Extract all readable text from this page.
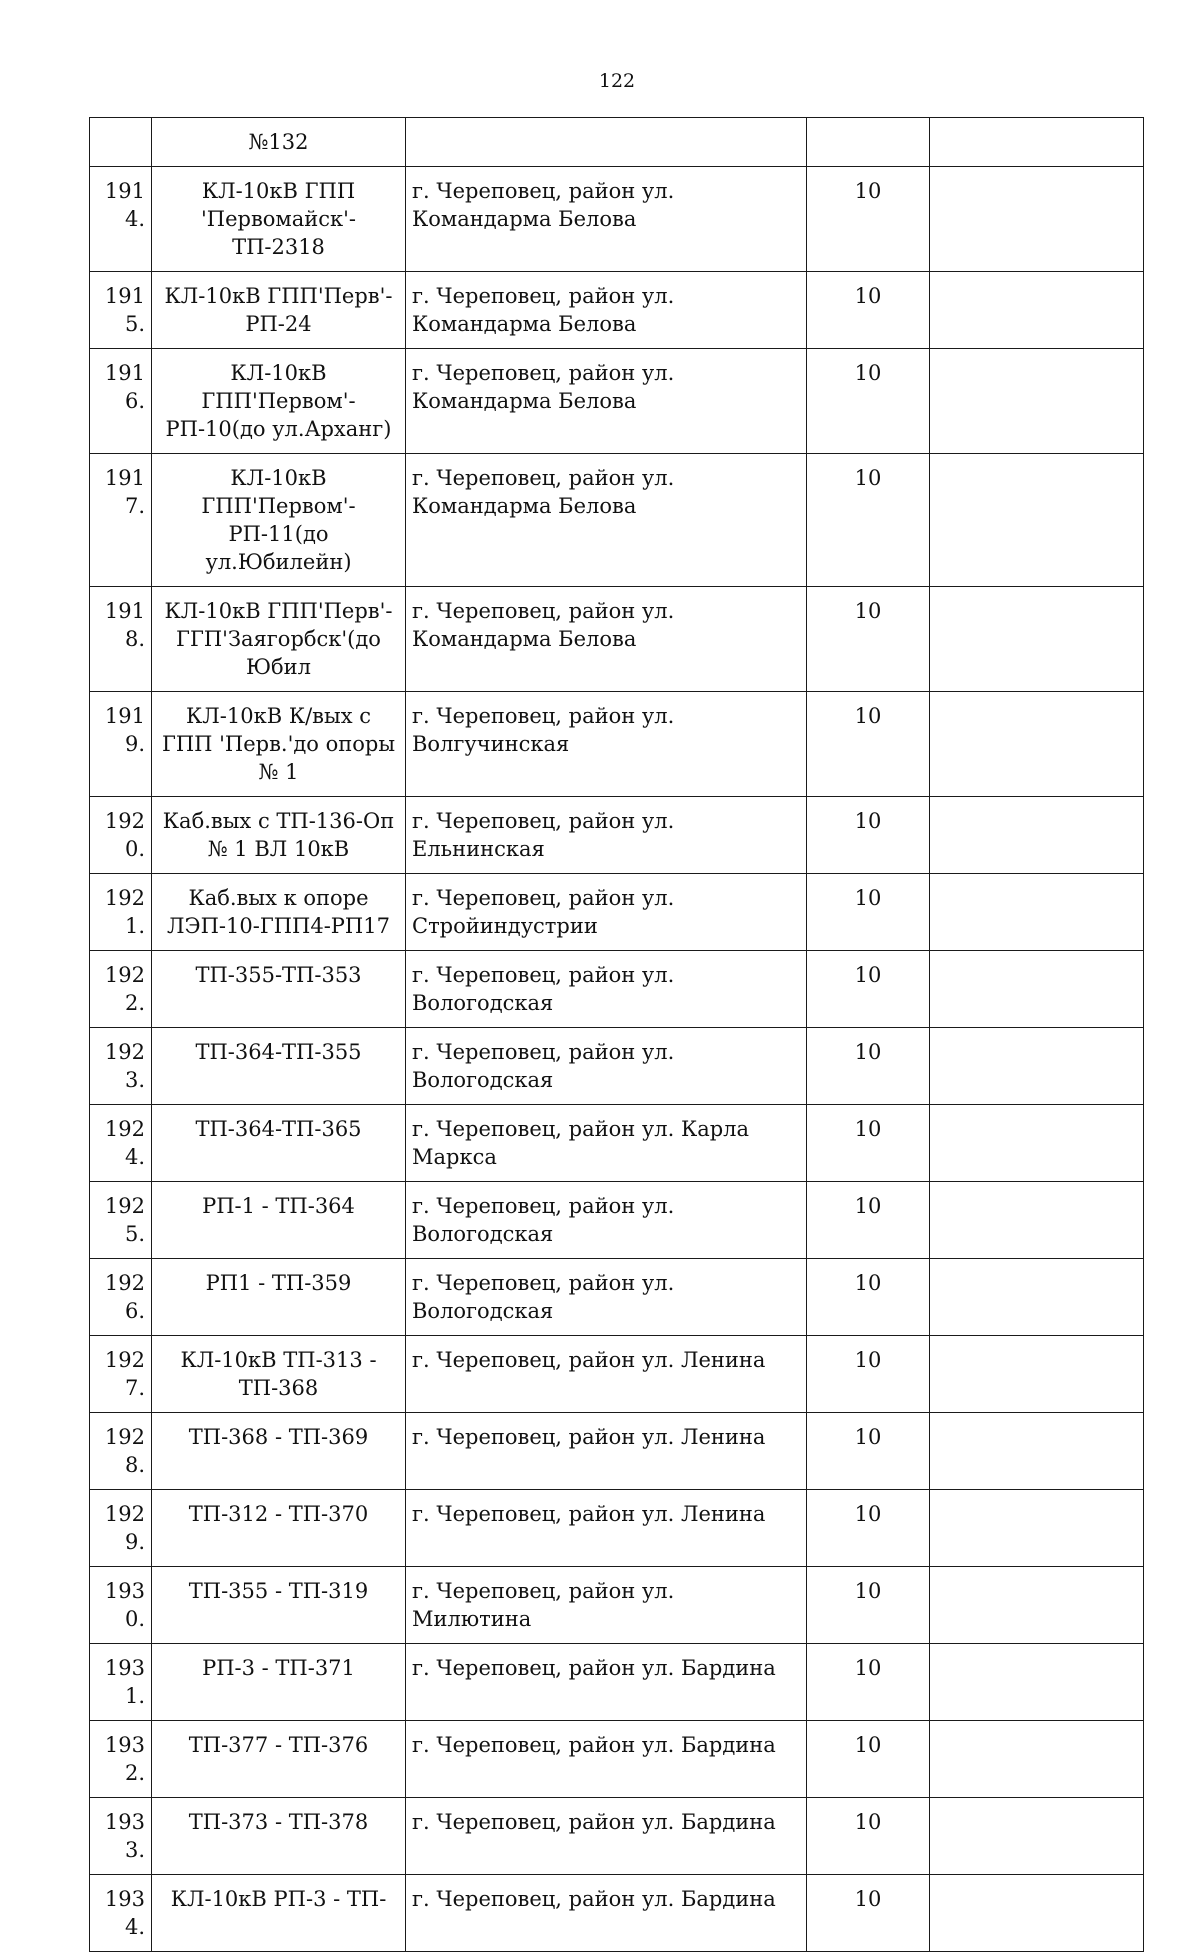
122
	№132			
1914.	КЛ-10кВ ГПП 'Первомайск'-ТП-2318	г. Череповец, район ул. Командарма Белова	10	
1915.	КЛ-10кВ ГПП'Перв'-РП-24	г. Череповец, район ул. Командарма Белова	10	
1916.	КЛ-10кВ ГПП'Первом'-РП-10(до ул.Арханг)	г. Череповец, район ул. Командарма Белова	10	
1917.	КЛ-10кВ ГПП'Первом'-РП-11(до ул.Юбилейн)	г. Череповец, район ул. Командарма Белова	10	
1918.	КЛ-10кВ ГПП'Перв'-ГГП'Заягорбск'(до Юбил	г. Череповец, район ул. Командарма Белова	10	
1919.	КЛ-10кВ К/вых с ГПП 'Перв.'до опоры № 1	г. Череповец, район ул. Волгучинская	10	
1920.	Каб.вых с ТП-136-Оп № 1 ВЛ 10кВ	г. Череповец, район ул. Ельнинская	10	
1921.	Каб.вых к опоре ЛЭП-10-ГПП4-РП17	г. Череповец, район ул. Стройиндустрии	10	
1922.	ТП-355-ТП-353	г. Череповец, район ул. Вологодская	10	
1923.	ТП-364-ТП-355	г. Череповец, район ул. Вологодская	10	
1924.	ТП-364-ТП-365	г. Череповец, район ул. Карла Маркса	10	
1925.	РП-1 - ТП-364	г. Череповец, район ул. Вологодская	10	
1926.	РП1 - ТП-359	г. Череповец, район ул. Вологодская	10	
1927.	КЛ-10кВ ТП-313 - ТП-368	г. Череповец, район ул. Ленина	10	
1928.	ТП-368 - ТП-369	г. Череповец, район ул. Ленина	10	
1929.	ТП-312 - ТП-370	г. Череповец, район ул. Ленина	10	
1930.	ТП-355 - ТП-319	г. Череповец, район ул. Милютина	10	
1931.	РП-3 - ТП-371	г. Череповец, район ул. Бардина	10	
1932.	ТП-377 - ТП-376	г. Череповец, район ул. Бардина	10	
1933.	ТП-373 - ТП-378	г. Череповец, район ул. Бардина	10	
1934.	КЛ-10кВ РП-3 - ТП-	г. Череповец, район ул. Бардина	10	
